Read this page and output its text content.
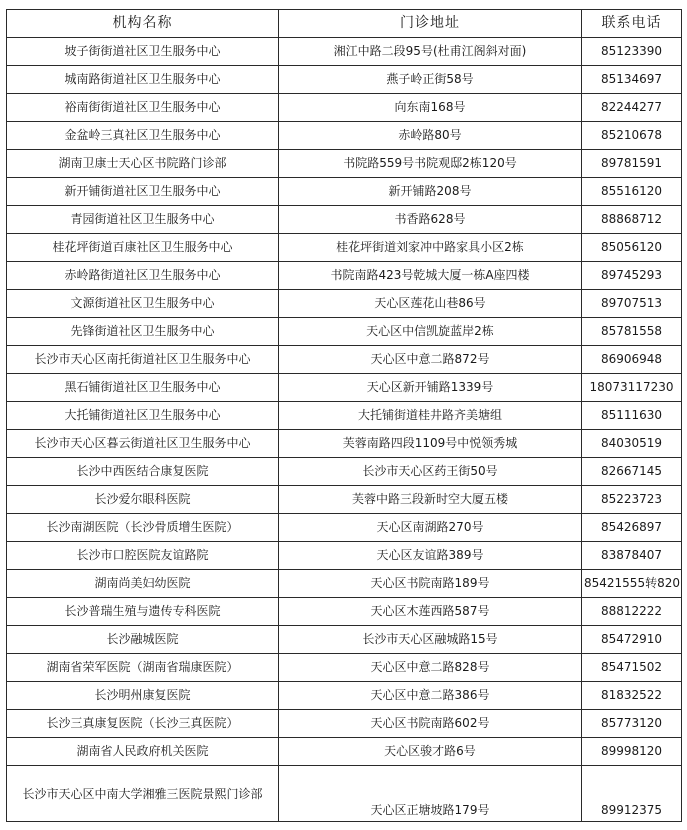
机构名称	门诊地址	联系电话
坡子街街道社区卫生服务中心	湘江中路二段95号(杜甫江阁斜对面)	85123390
城南路街道社区卫生服务中心	燕子岭正街58号	85134697
裕南街街道社区卫生服务中心	向东南168号	82244277
金盆岭三真社区卫生服务中心	赤岭路80号	85210678
湖南卫康士天心区书院路门诊部	书院路559号书院观邸2栋120号	89781591
新开铺街道社区卫生服务中心	新开铺路208号	85516120
青园街道社区卫生服务中心	书香路628号	88868712
桂花坪街道百康社区卫生服务中心	桂花坪街道刘家冲中路家具小区2栋	85056120
赤岭路街道社区卫生服务中心	书院南路423号乾城大厦一栋A座四楼	89745293
文源街道社区卫生服务中心	天心区莲花山巷86号	89707513
先锋街道社区卫生服务中心	天心区中信凯旋蓝岸2栋	85781558
长沙市天心区南托街道社区卫生服务中心	天心区中意二路872号	86906948
黑石铺街道社区卫生服务中心	天心区新开铺路1339号	18073117230
大托铺街道社区卫生服务中心	大托铺街道桂井路齐美塘组	85111630
长沙市天心区暮云街道社区卫生服务中心	芙蓉南路四段1109号中悦领秀城	84030519
长沙中西医结合康复医院	长沙市天心区药王街50号	82667145
长沙爱尔眼科医院	芙蓉中路三段新时空大厦五楼	85223723
长沙南湖医院（长沙骨质增生医院）	天心区南湖路270号	85426897
长沙市口腔医院友谊路院	天心区友谊路389号	83878407
湖南尚美妇幼医院	天心区书院南路189号	85421555转820
长沙普瑞生殖与遗传专科医院	天心区木莲西路587号	88812222
长沙融城医院	长沙市天心区融城路15号	85472910
湖南省荣军医院（湖南省瑞康医院）	天心区中意二路828号	85471502
长沙明州康复医院	天心区中意二路386号	81832522
长沙三真康复医院（长沙三真医院）	天心区书院南路602号	85773120
湖南省人民政府机关医院	天心区骏才路6号	89998120
长沙市天心区中南大学湘雅三医院景熙门诊部	天心区正塘坡路179号	89912375
